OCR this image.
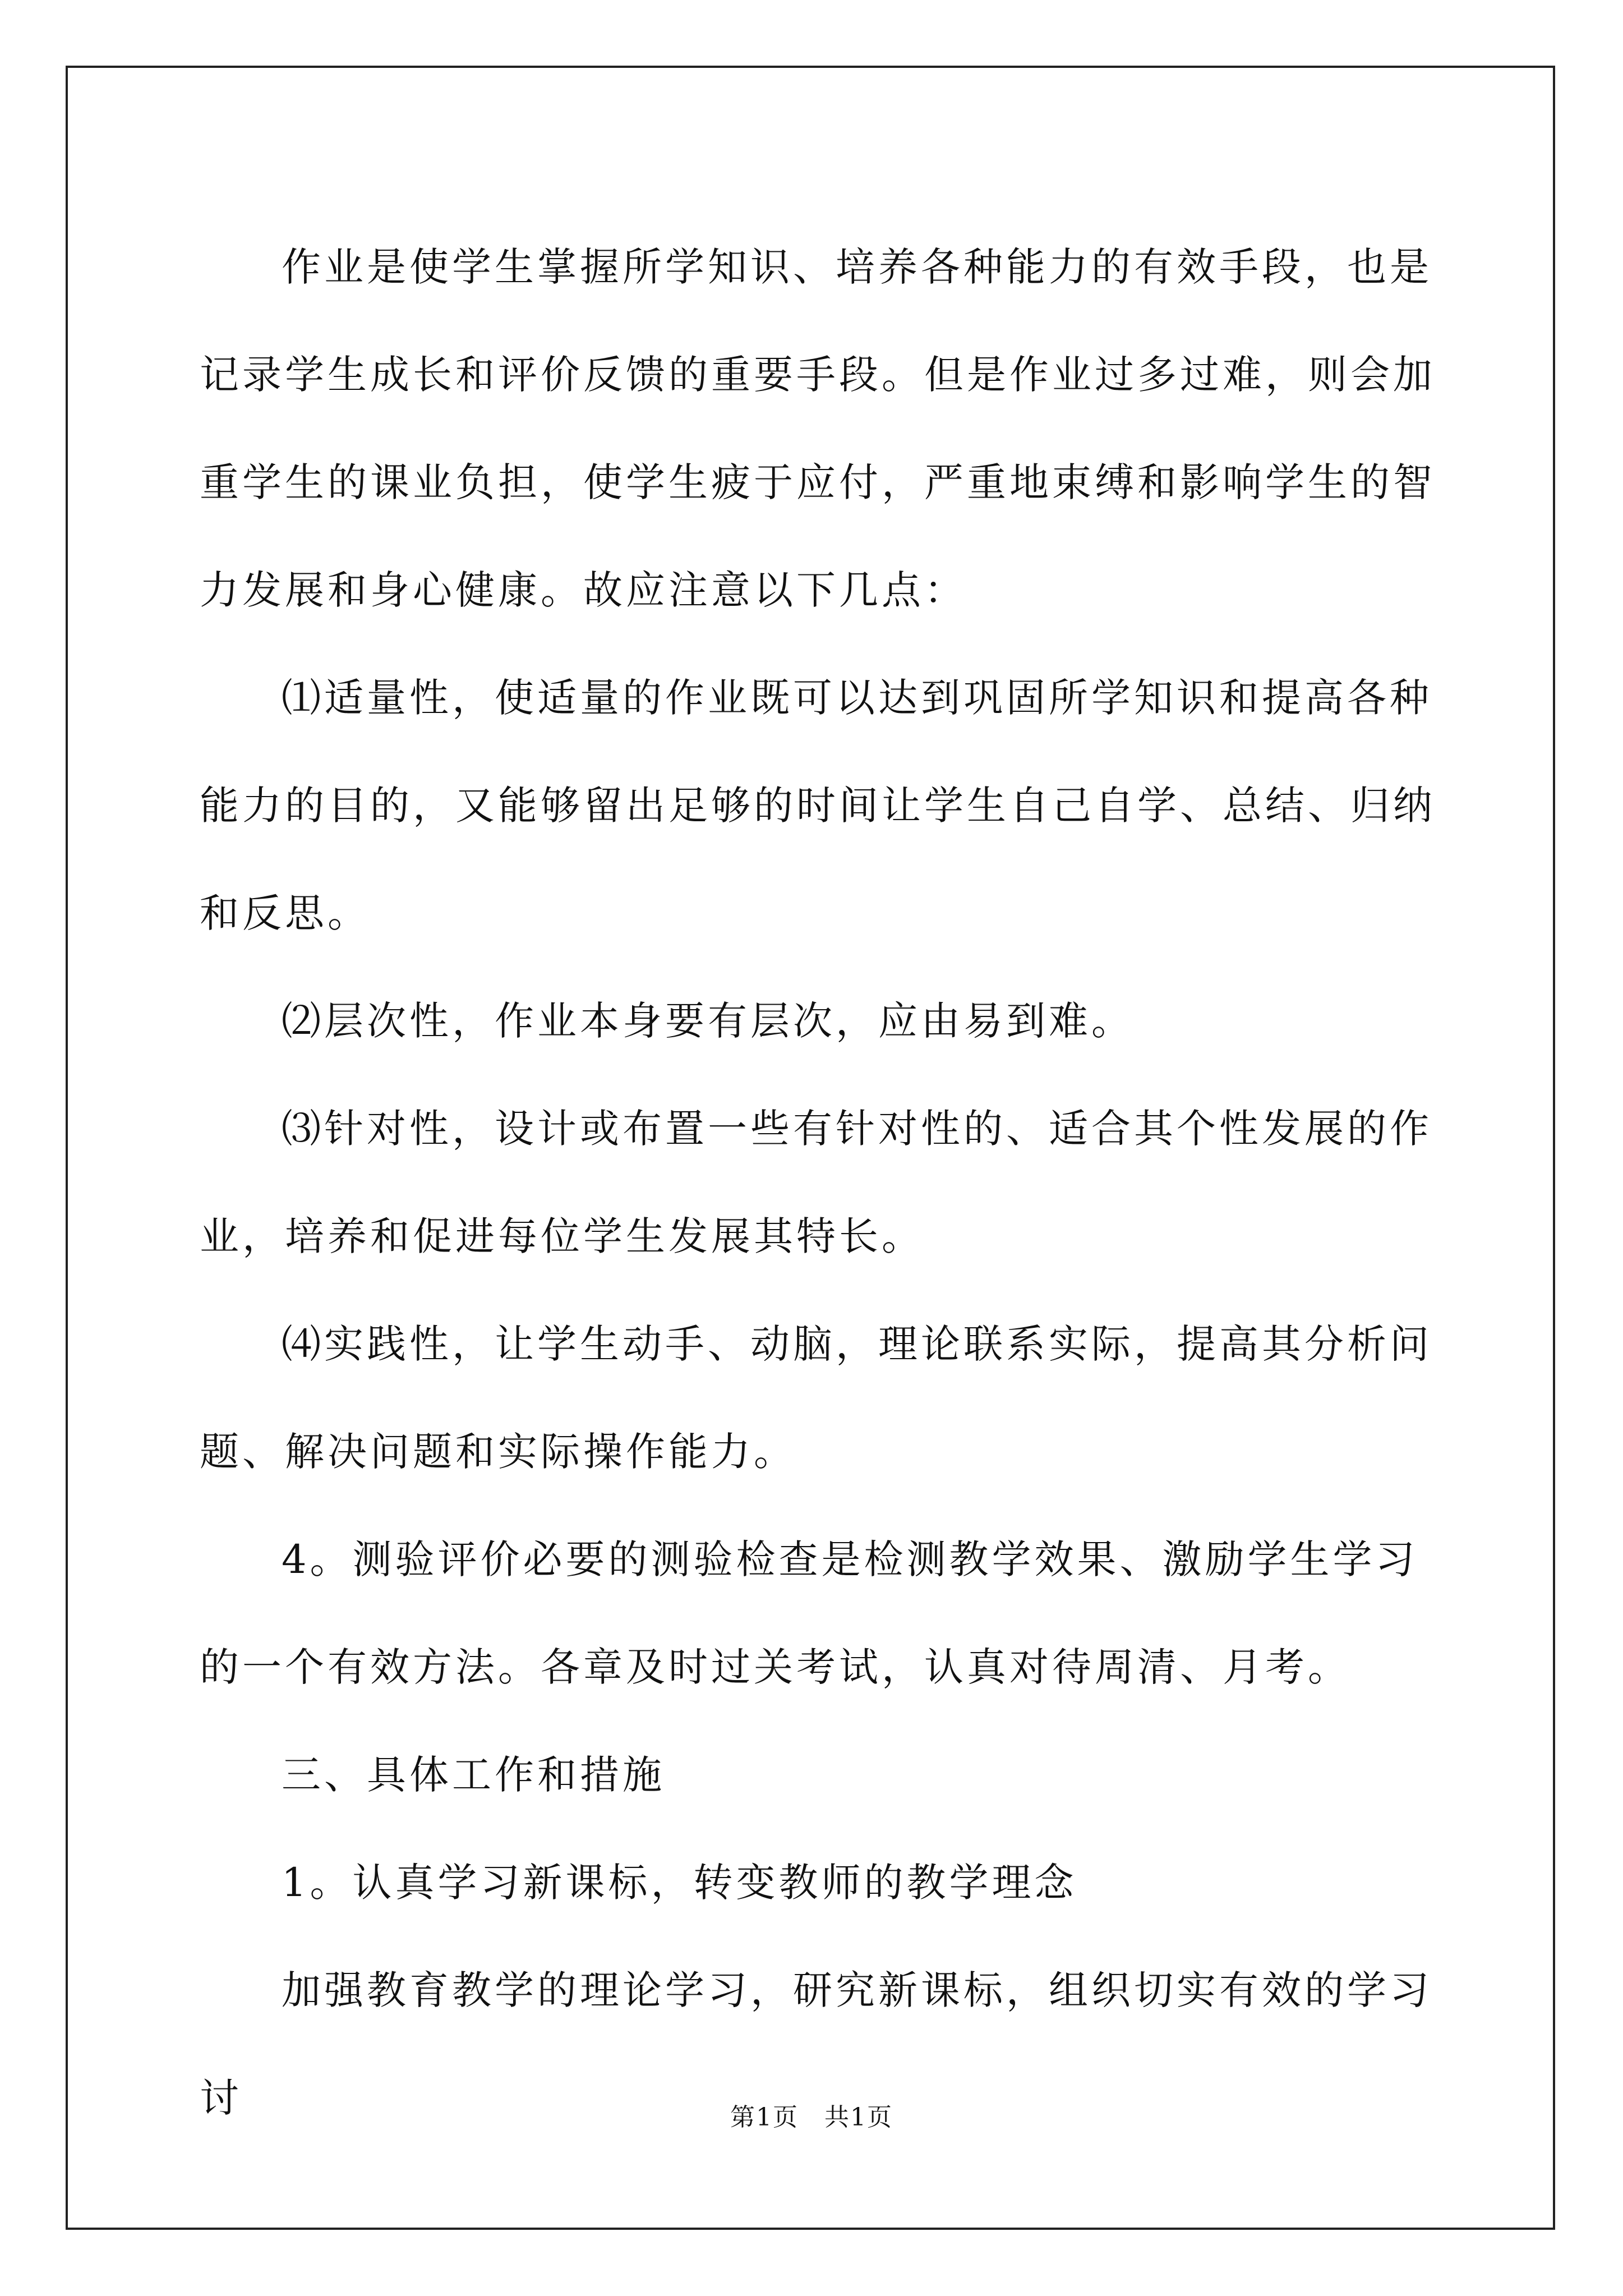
作业是使学生掌握所学知识、培养各种能力的有效手段，也是记录学生成长和评价反馈的重要手段。但是作业过多过难，则会加重学生的课业负担，使学生疲于应付，严重地束缚和影响学生的智力发展和身心健康。故应注意以下几点：

⑴适量性，使适量的作业既可以达到巩固所学知识和提高各种能力的目的，又能够留出足够的时间让学生自己自学、总结、归纳和反思。

⑵层次性，作业本身要有层次，应由易到难。

⑶针对性，设计或布置一些有针对性的、适合其个性发展的作业，培养和促进每位学生发展其特长。

⑷实践性，让学生动手、动脑，理论联系实际，提高其分析问题、解决问题和实际操作能力。

4。测验评价必要的测验检查是检测教学效果、激励学生学习的一个有效方法。各章及时过关考试，认真对待周清、月考。

三、具体工作和措施

1。认真学习新课标，转变教师的教学理念

加强教育教学的理论学习，研究新课标，组织切实有效的学习讨	第1页　共1页
